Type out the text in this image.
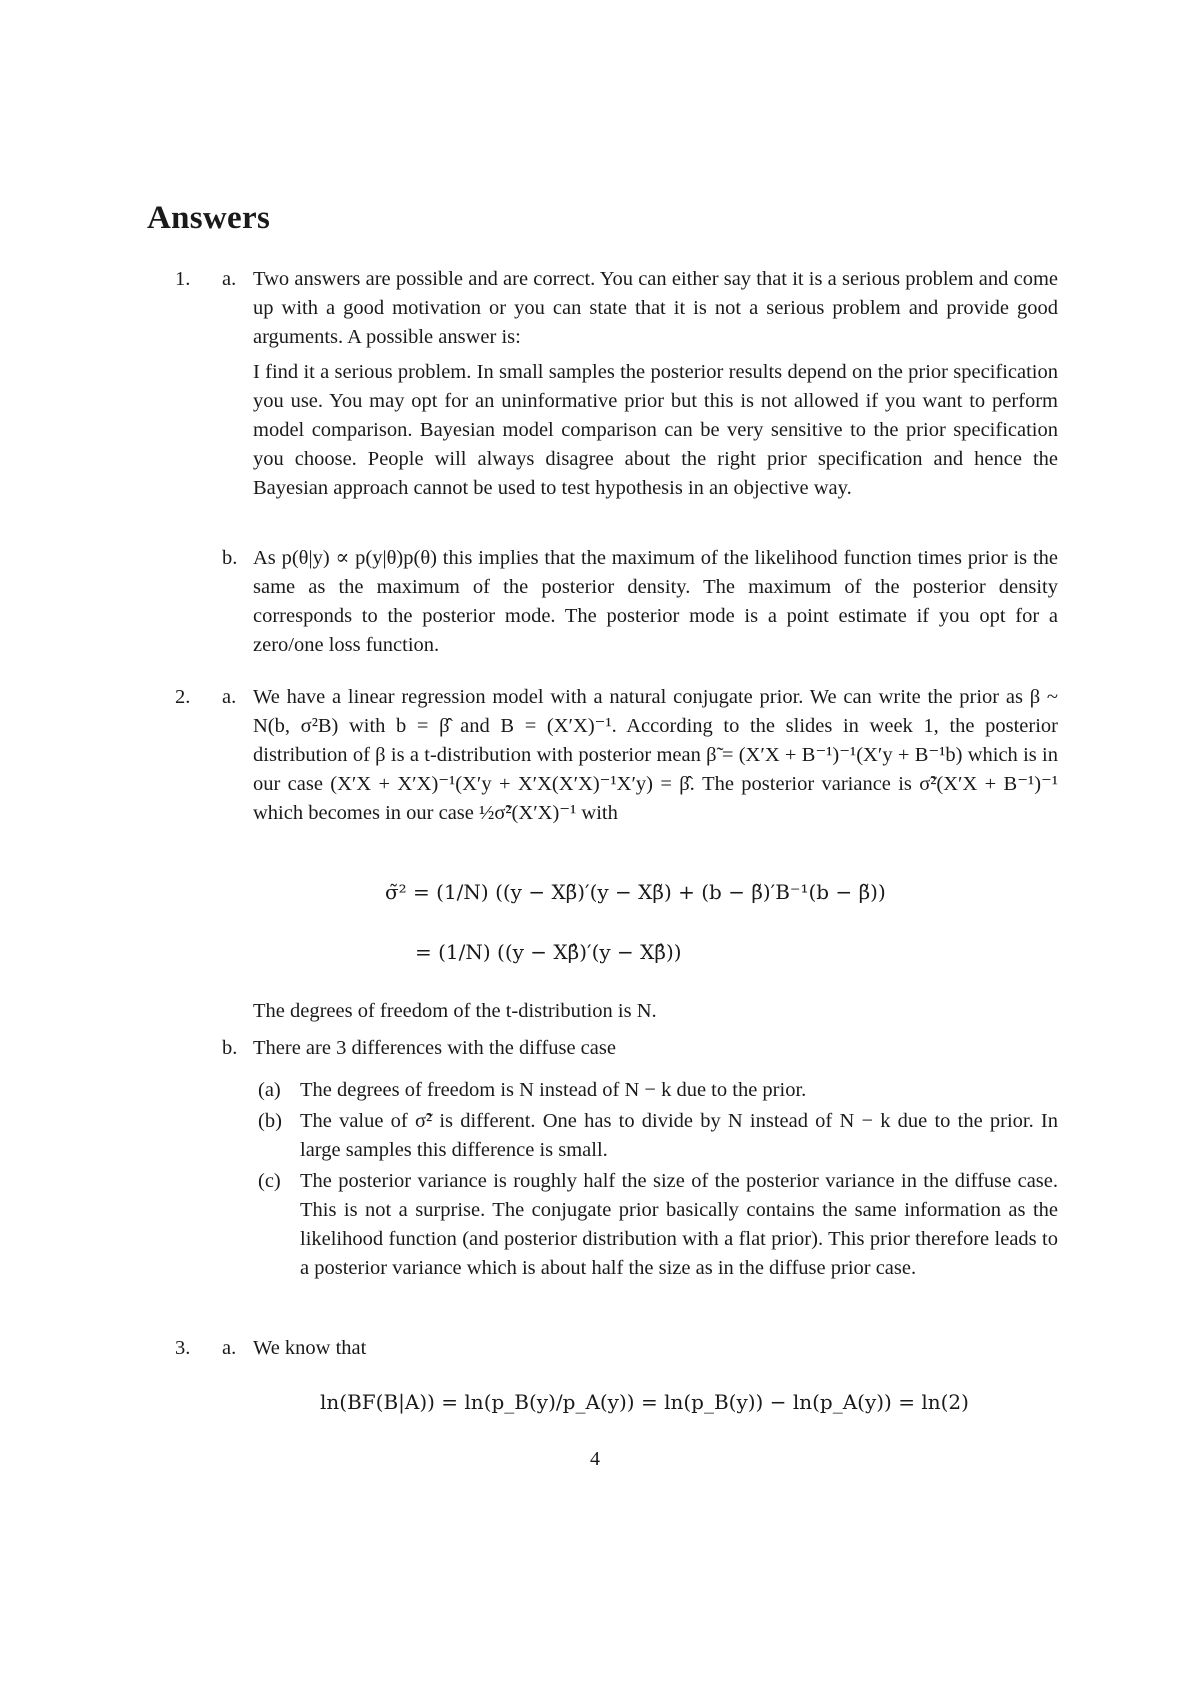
Answers
1. a. Two answers are possible and are correct. You can either say that it is a serious problem and come up with a good motivation or you can state that it is not a serious problem and provide good arguments. A possible answer is:

I find it a serious problem. In small samples the posterior results depend on the prior specification you use. You may opt for an uninformative prior but this is not allowed if you want to perform model comparison. Bayesian model comparison can be very sensitive to the prior specification you choose. People will always disagree about the right prior specification and hence the Bayesian approach cannot be used to test hypothesis in an objective way.

b. As p(θ|y) ∝ p(y|θ)p(θ) this implies that the maximum of the likelihood function times prior is the same as the maximum of the posterior density. The maximum of the posterior density corresponds to the posterior mode. The posterior mode is a point estimate if you opt for a zero/one loss function.

2. a. We have a linear regression model with a natural conjugate prior. We can write the prior as β ~ N(b, σ²B) with b = β̂ and B = (X′X)⁻¹. According to the slides in week 1, the posterior distribution of β is a t-distribution with posterior mean β̃ = (X′X + B⁻¹)⁻¹(X′y + B⁻¹b) which is in our case (X′X + X′X)⁻¹(X′y + X′X(X′X)⁻¹X′y) = β̂. The posterior variance is σ̃²(X′X + B⁻¹)⁻¹ which becomes in our case ½σ̃²(X′X)⁻¹ with

σ̃² = (1/N) ((y − Xβ̃)′(y − Xβ̃) + (b − β̃)′B⁻¹(b − β̃))
= (1/N) ((y − Xβ̂)′(y − Xβ̂))

The degrees of freedom of the t-distribution is N.

b. There are 3 differences with the diffuse case

(a) The degrees of freedom is N instead of N − k due to the prior.

(b) The value of σ̃² is different. One has to divide by N instead of N − k due to the prior. In large samples this difference is small.

(c) The posterior variance is roughly half the size of the posterior variance in the diffuse case. This is not a surprise. The conjugate prior basically contains the same information as the likelihood function (and posterior distribution with a flat prior). This prior therefore leads to a posterior variance which is about half the size as in the diffuse prior case.

3. a. We know that

ln(BF(B|A)) = ln(p_B(y)/p_A(y)) = ln(p_B(y)) − ln(p_A(y)) = ln(2)
4
